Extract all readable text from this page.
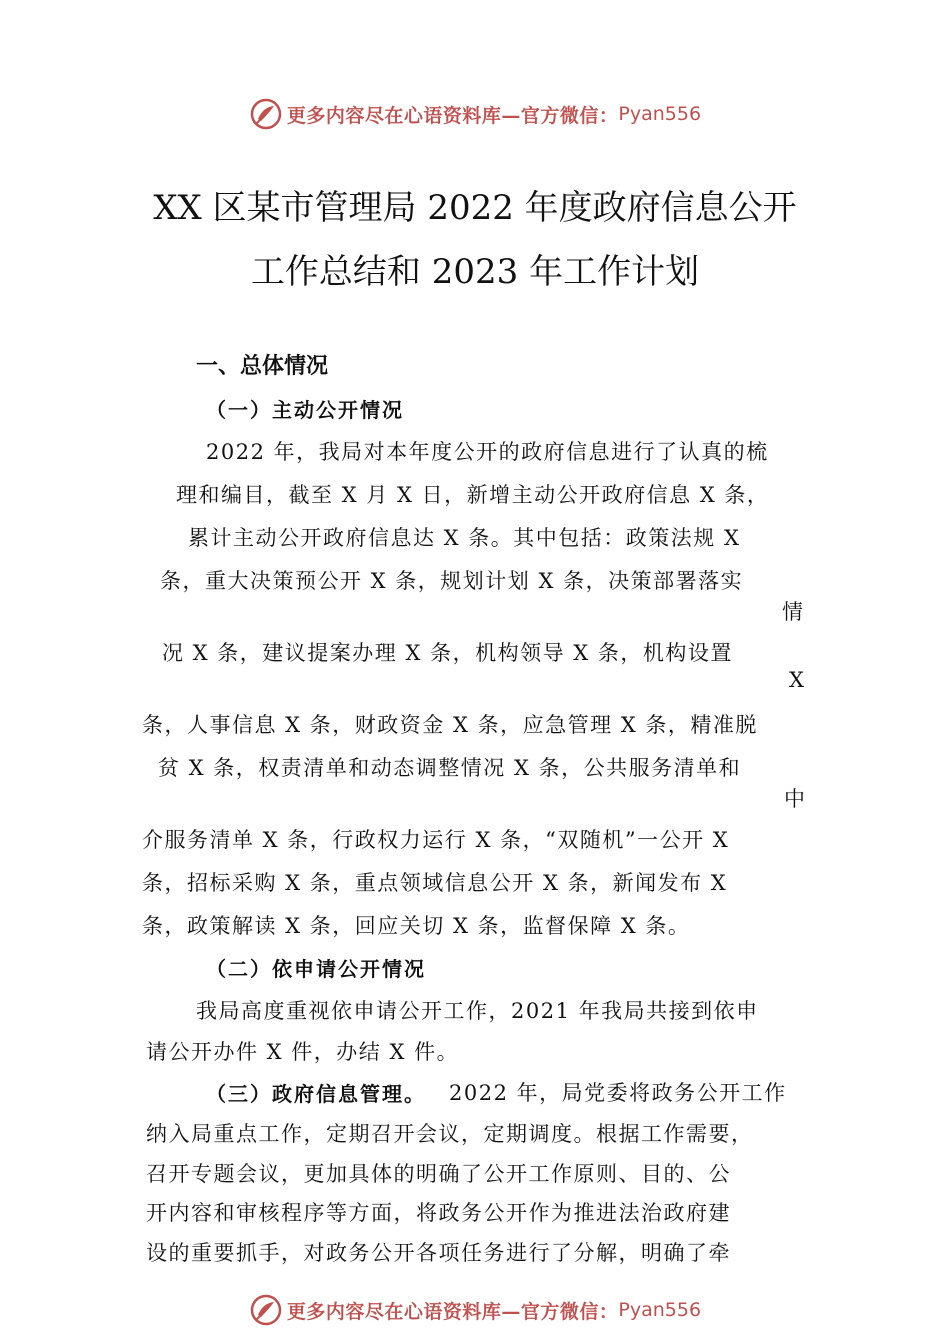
更多内容尽在心语资料库—官方微信： Pyan556
XX 区某市管理局 2022 年度政府信息公开
工作总结和 2023 年工作计划
一、总体情况
（一）主动公开情况
2022 年，我局对本年度公开的政府信息进行了认真的梳
理和编目，截至 X 月 X 日，新增主动公开政府信息 X 条，
累计主动公开政府信息达 X 条。其中包括：政策法规 X
条，重大决策预公开 X 条，规划计划 X 条，决策部署落实
情
况 X 条，建议提案办理 X 条，机构领导 X 条，机构设置
X
条，人事信息 X 条，财政资金 X 条，应急管理 X 条，精准脱
贫 X 条，权责清单和动态调整情况 X 条，公共服务清单和
中
介服务清单 X 条，行政权力运行 X 条，“双随机”一公开 X
条，招标采购 X 条，重点领域信息公开 X 条，新闻发布 X
条，政策解读 X 条，回应关切 X 条，监督保障 X 条。
（二）依申请公开情况
我局高度重视依申请公开工作，2021 年我局共接到依申
请公开办件 X 件，办结 X 件。
（三）政府信息管理。 2022 年，局党委将政务公开工作
纳入局重点工作，定期召开会议，定期调度。根据工作需要，
召开专题会议，更加具体的明确了公开工作原则、目的、公
开内容和审核程序等方面，将政务公开作为推进法治政府建
设的重要抓手，对政务公开各项任务进行了分解，明确了牵
更多内容尽在心语资料库—官方微信： Pyan556
